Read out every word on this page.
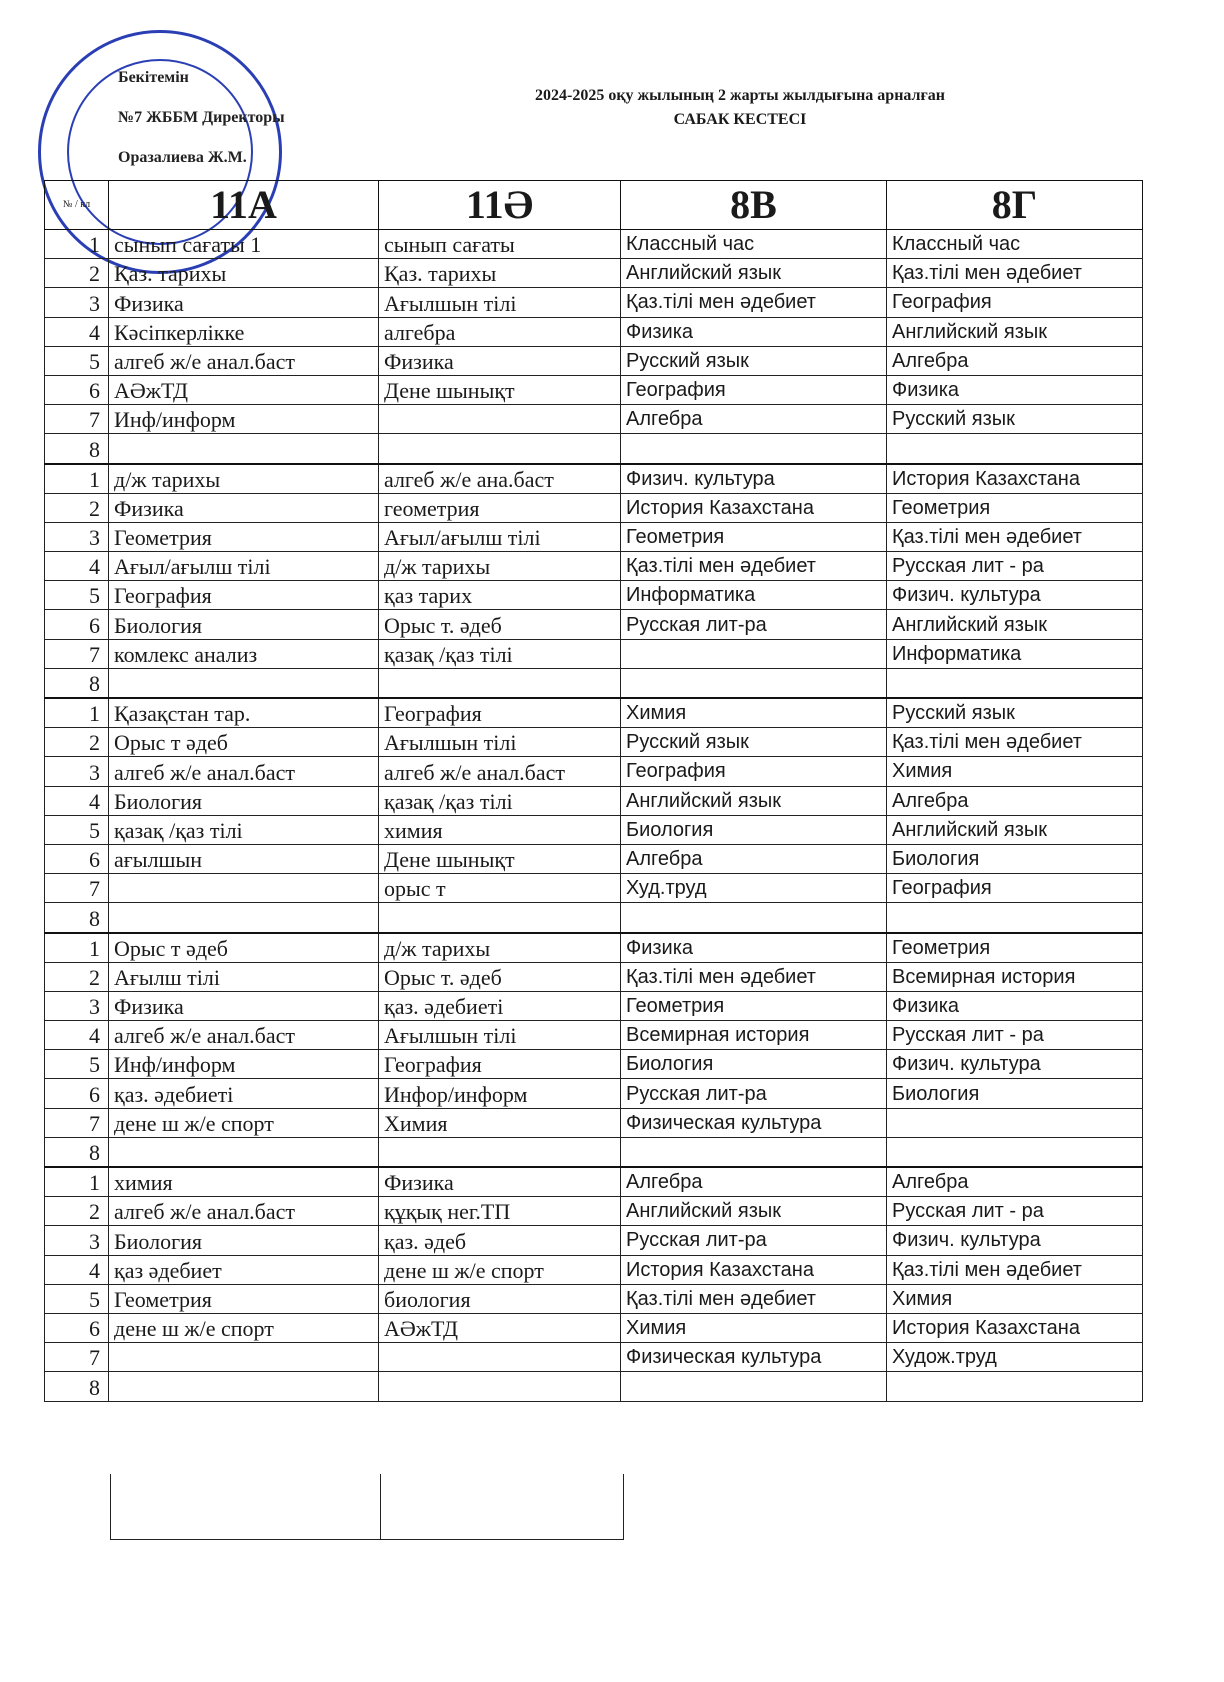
Бекітемін
№7 ЖББМ Директоры
Оразалиева Ж.М.
2024-2025 оқу жылының 2 жарты жылдығына арналған
САБАК КЕСТЕСІ
№ / кл	11А	11Ә	8В	8Г
1	сынып сағаты 1	сынып сағаты	Классный час	Классный час
2	Қаз. тарихы	Қаз. тарихы	Английский язык	Қаз.тілі мен әдебиет
3	Физика	Ағылшын тілі	Қаз.тілі мен әдебиет	География
4	Кәсіпкерлікке	алгебра	Физика	Английский язык
5	алгеб ж/е анал.баст	Физика	Русский язык	Алгебра
6	АӘжТД	Дене шынықт	География	Физика
7	Инф/информ		Алгебра	Русский язык
8				
1	д/ж тарихы	алгеб ж/е ана.баст	Физич. культура	История Казахстана
2	Физика	геометрия	История Казахстана	Геометрия
3	Геометрия	Ағыл/ағылш тілі	Геометрия	Қаз.тілі мен әдебиет
4	Ағыл/ағылш тілі	д/ж тарихы	Қаз.тілі мен әдебиет	Русская лит - ра
5	География	қаз тарих	Информатика	Физич. культура
6	Биология	Орыс т. әдеб	Русская лит-ра	Английский язык
7	комлекс анализ	қазақ /қаз тілі		Информатика
8				
1	Қазақстан тар.	География	Химия	Русский язык
2	Орыс т әдеб	Ағылшын тілі	Русский язык	Қаз.тілі мен әдебиет
3	алгеб ж/е анал.баст	алгеб ж/е анал.баст	География	Химия
4	Биология	қазақ /қаз тілі	Английский язык	Алгебра
5	қазақ /қаз тілі	химия	Биология	Английский язык
6	ағылшын	Дене шынықт	Алгебра	Биология
7		орыс т	Худ.труд	География
8				
1	Орыс т әдеб	д/ж тарихы	Физика	Геометрия
2	Ағылш тілі	Орыс т. әдеб	Қаз.тілі мен әдебиет	Всемирная история
3	Физика	қаз. әдебиеті	Геометрия	Физика
4	алгеб ж/е анал.баст	Ағылшын тілі	Всемирная история	Русская лит - ра
5	Инф/информ	География	Биология	Физич. культура
6	қаз. әдебиеті	Инфор/информ	Русская лит-ра	Биология
7	дене ш ж/е спорт	Химия	Физическая культура	
8				
1	химия	Физика	Алгебра	Алгебра
2	алгеб ж/е анал.баст	құқық нег.ТП	Английский язык	Русская лит - ра
3	Биология	қаз. әдеб	Русская лит-ра	Физич. культура
4	қаз әдебиет	дене ш ж/е спорт	История Казахстана	Қаз.тілі мен әдебиет
5	Геометрия	биология	Қаз.тілі мен әдебиет	Химия
6	дене ш ж/е спорт	АӘжТД	Химия	История Казахстана
7			Физическая культура	Худож.труд
8				
